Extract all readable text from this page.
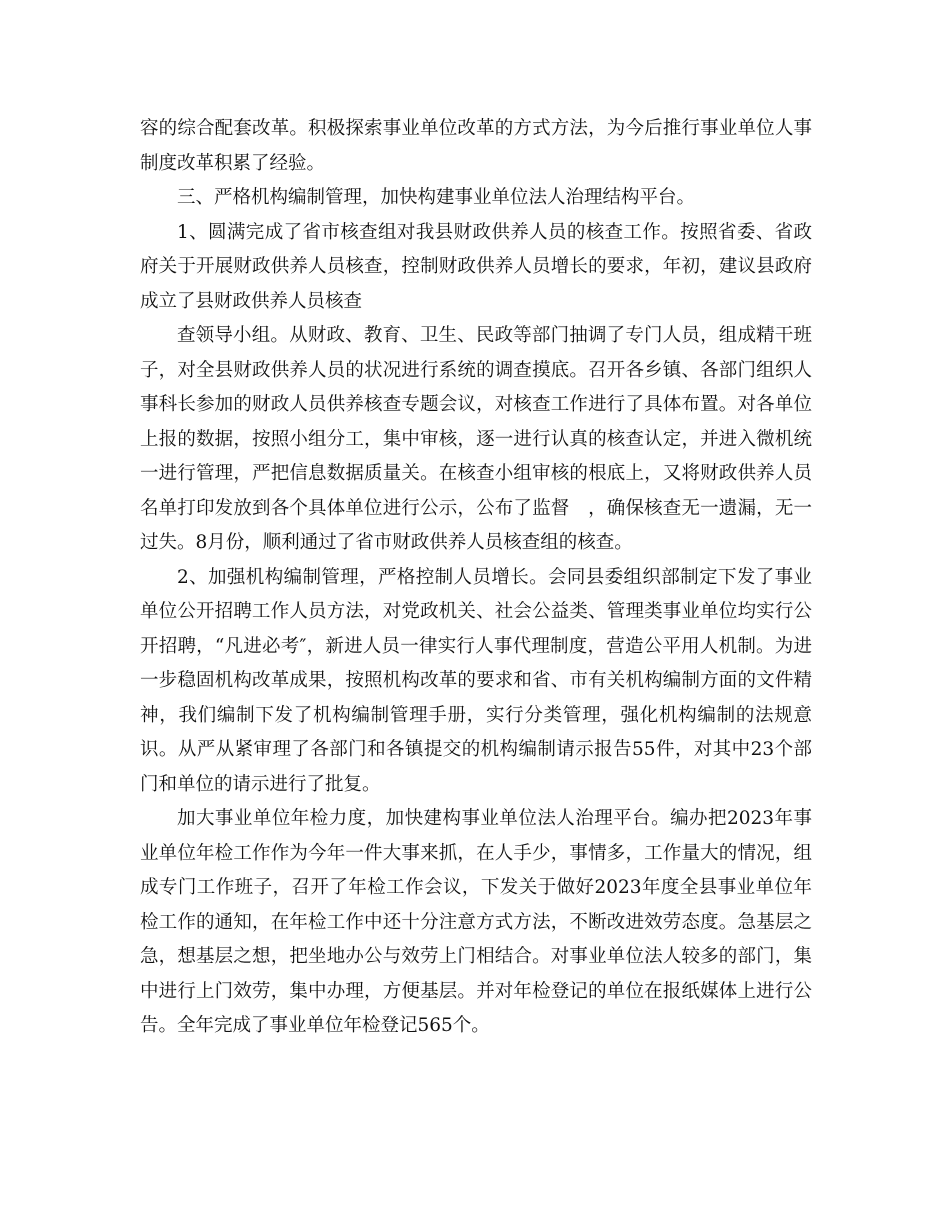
容的综合配套改革。积极探索事业单位改革的方式方法，为今后推行事业单位人事制度改革积累了经验。

三、严格机构编制管理，加快构建事业单位法人治理结构平台。

1、圆满完成了省市核查组对我县财政供养人员的核查工作。按照省委、省政府关于开展财政供养人员核查，控制财政供养人员增长的要求，年初，建议县政府成立了县财政供养人员核查

查领导小组。从财政、教育、卫生、民政等部门抽调了专门人员，组成精干班子，对全县财政供养人员的状况进行系统的调查摸底。召开各乡镇、各部门组织人事科长参加的财政人员供养核查专题会议，对核查工作进行了具体布置。对各单位上报的数据，按照小组分工，集中审核，逐一进行认真的核查认定，并进入微机统一进行管理，严把信息数据质量关。在核查小组审核的根底上，又将财政供养人员名单打印发放到各个具体单位进行公示，公布了监督　，确保核查无一遗漏，无一过失。8月份，顺利通过了省市财政供养人员核查组的核查。

2、加强机构编制管理，严格控制人员增长。会同县委组织部制定下发了事业单位公开招聘工作人员方法，对党政机关、社会公益类、管理类事业单位均实行公开招聘，“凡进必考″，新进人员一律实行人事代理制度，营造公平用人机制。为进一步稳固机构改革成果，按照机构改革的要求和省、市有关机构编制方面的文件精神，我们编制下发了机构编制管理手册，实行分类管理，强化机构编制的法规意识。从严从紧审理了各部门和各镇提交的机构编制请示报告55件，对其中23个部门和单位的请示进行了批复。

加大事业单位年检力度，加快建构事业单位法人治理平台。编办把2023年事业单位年检工作作为今年一件大事来抓，在人手少，事情多，工作量大的情况，组成专门工作班子，召开了年检工作会议，下发关于做好2023年度全县事业单位年检工作的通知，在年检工作中还十分注意方式方法，不断改进效劳态度。急基层之急，想基层之想，把坐地办公与效劳上门相结合。对事业单位法人较多的部门，集中进行上门效劳，集中办理，方便基层。并对年检登记的单位在报纸媒体上进行公告。全年完成了事业单位年检登记565个。
